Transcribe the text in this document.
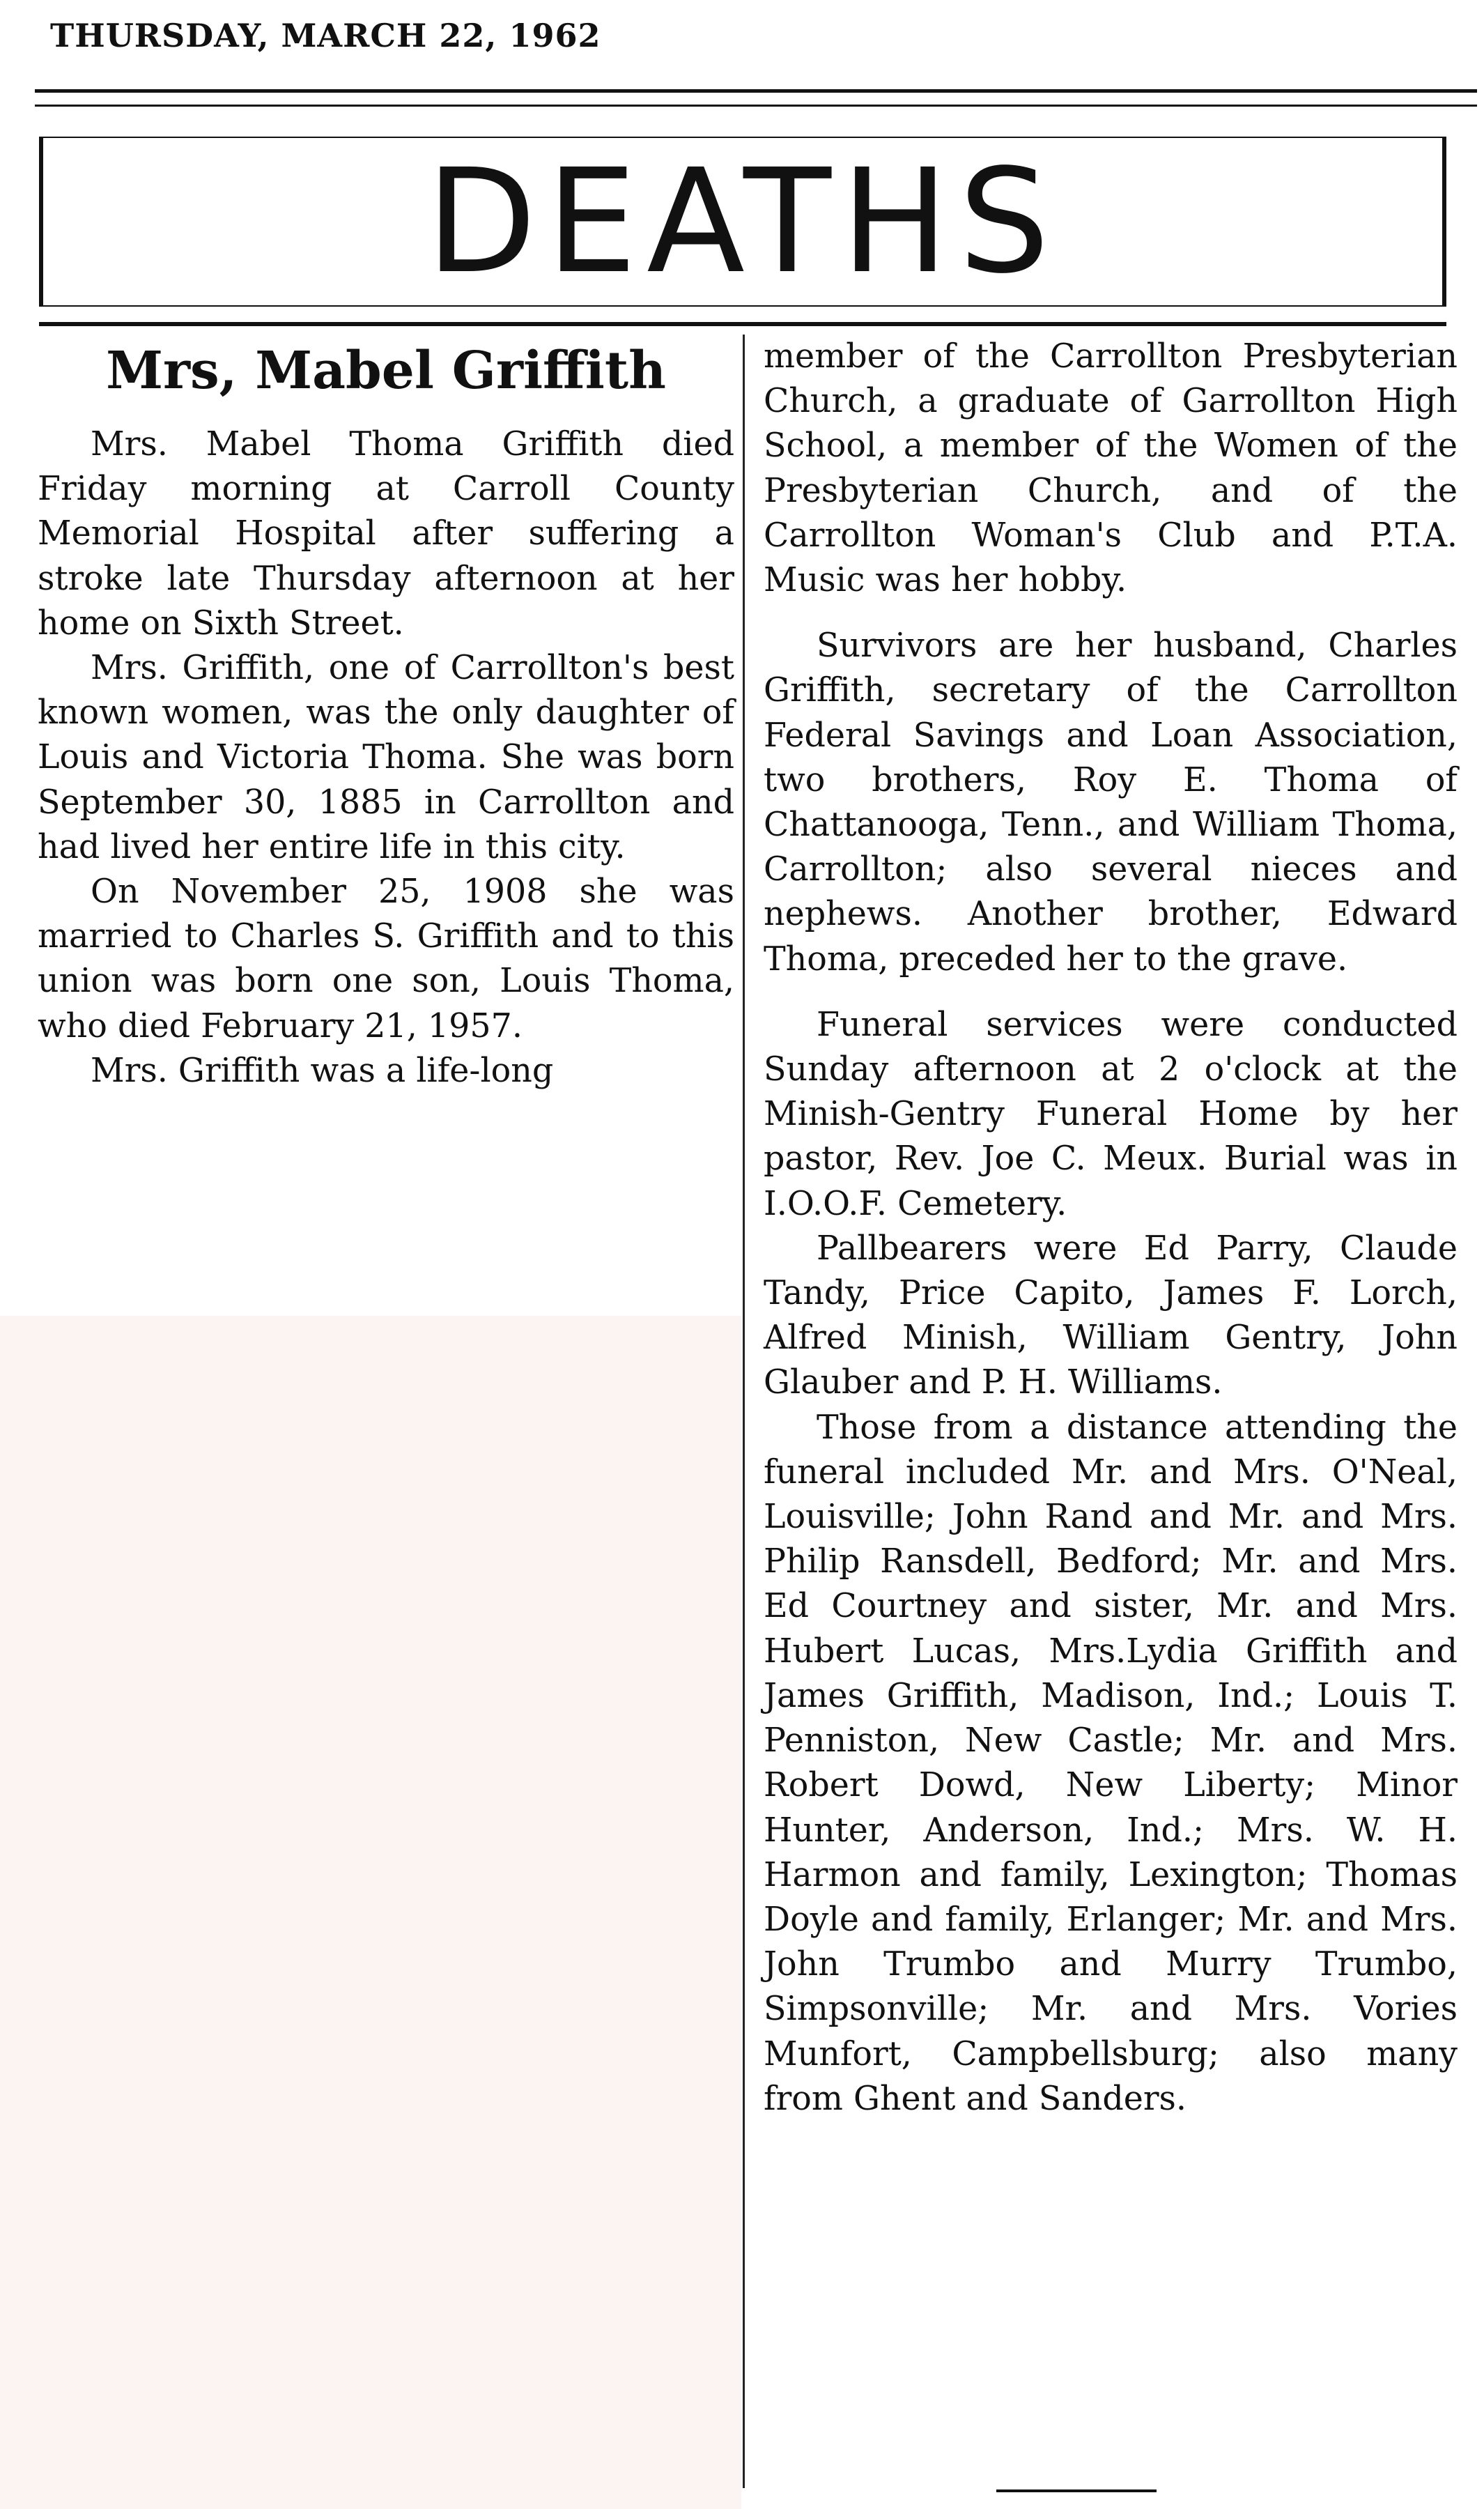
THURSDAY, MARCH 22, 1962
DEATHS
Mrs, Mabel Griffith

Mrs. Mabel Thoma Griffith died Friday morning at Carroll County Memorial Hospital after suffering a stroke late Thursday afternoon at her home on Sixth Street.

Mrs. Griffith, one of Carrollton's best known women, was the only daughter of Louis and Victoria Thoma. She was born September 30, 1885 in Carrollton and had lived her entire life in this city.

On November 25, 1908 she was married to Charles S. Griffith and to this union was born one son, Louis Thoma, who died February 21, 1957.

Mrs. Griffith was a life-long

member of the Carrollton Presbyterian Church, a graduate of Garrollton High School, a member of the Women of the Presbyterian Church, and of the Carrollton Woman's Club and P.T.A. Music was her hobby.

Survivors are her husband, Charles Griffith, secretary of the Carrollton Federal Savings and Loan Association, two brothers, Roy E. Thoma of Chattanooga, Tenn., and William Thoma, Carrollton; also several nieces and nephews. Another brother, Edward Thoma, preceded her to the grave.

Funeral services were conducted Sunday afternoon at 2 o'clock at the Minish-Gentry Funeral Home by her pastor, Rev. Joe C. Meux. Burial was in I.O.O.F. Cemetery.

Pallbearers were Ed Parry, Claude Tandy, Price Capito, James F. Lorch, Alfred Minish, William Gentry, John Glauber and P. H. Williams.

Those from a distance attending the funeral included Mr. and Mrs. O'Neal, Louisville; John Rand and Mr. and Mrs. Philip Ransdell, Bedford; Mr. and Mrs. Ed Courtney and sister, Mr. and Mrs. Hubert Lucas, Mrs.Lydia Griffith and James Griffith, Madison, Ind.; Louis T. Penniston, New Castle; Mr. and Mrs. Robert Dowd, New Liberty; Minor Hunter, Anderson, Ind.; Mrs. W. H. Harmon and family, Lexington; Thomas Doyle and family, Erlanger; Mr. and Mrs. John Trumbo and Murry Trumbo, Simpsonville; Mr. and Mrs. Vories Munfort, Campbellsburg; also many from Ghent and Sanders.
